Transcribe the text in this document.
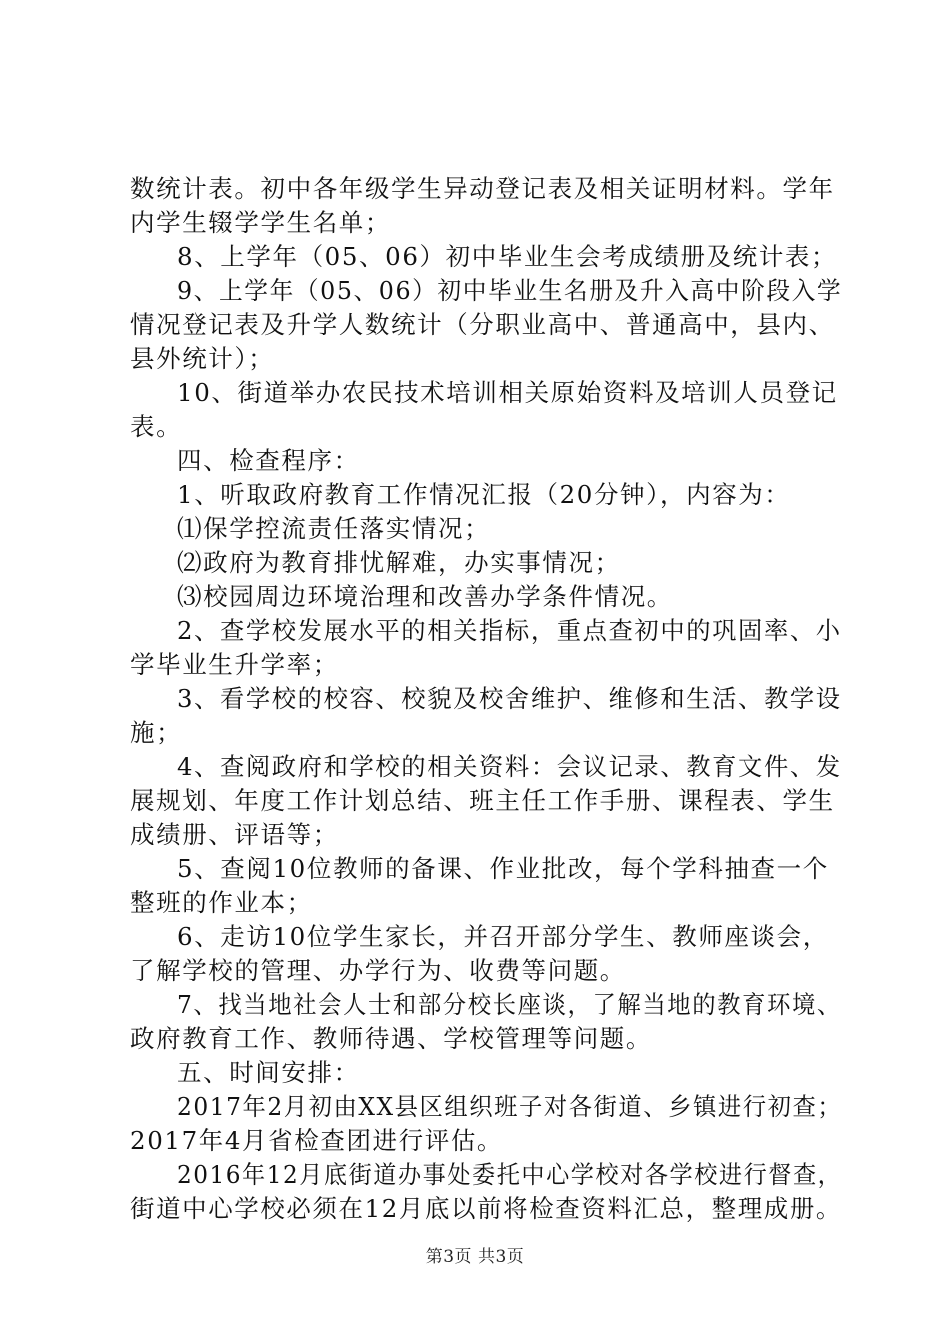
数统计表。初中各年级学生异动登记表及相关证明材料。学年
内学生辍学学生名单；
8、上学年（05、06）初中毕业生会考成绩册及统计表；
9、上学年（05、06）初中毕业生名册及升入高中阶段入学
情况登记表及升学人数统计（分职业高中、普通高中，县内、
县外统计）；
10、街道举办农民技术培训相关原始资料及培训人员登记
表。
四、检查程序：
1、听取政府教育工作情况汇报（20分钟），内容为：
⑴保学控流责任落实情况；
⑵政府为教育排忧解难，办实事情况；
⑶校园周边环境治理和改善办学条件情况。
2、查学校发展水平的相关指标，重点查初中的巩固率、小
学毕业生升学率；
3、看学校的校容、校貌及校舍维护、维修和生活、教学设
施；
4、查阅政府和学校的相关资料：会议记录、教育文件、发
展规划、年度工作计划总结、班主任工作手册、课程表、学生
成绩册、评语等；
5、查阅10位教师的备课、作业批改，每个学科抽查一个
整班的作业本；
6、走访10位学生家长，并召开部分学生、教师座谈会，
了解学校的管理、办学行为、收费等问题。
7、找当地社会人士和部分校长座谈，了解当地的教育环境、
政府教育工作、教师待遇、学校管理等问题。
五、时间安排：
2017年2月初由XX县区组织班子对各街道、乡镇进行初查；
2017年4月省检查团进行评估。
2016年12月底街道办事处委托中心学校对各学校进行督查，
街道中心学校必须在12月底以前将检查资料汇总，整理成册。
第3页 共3页
